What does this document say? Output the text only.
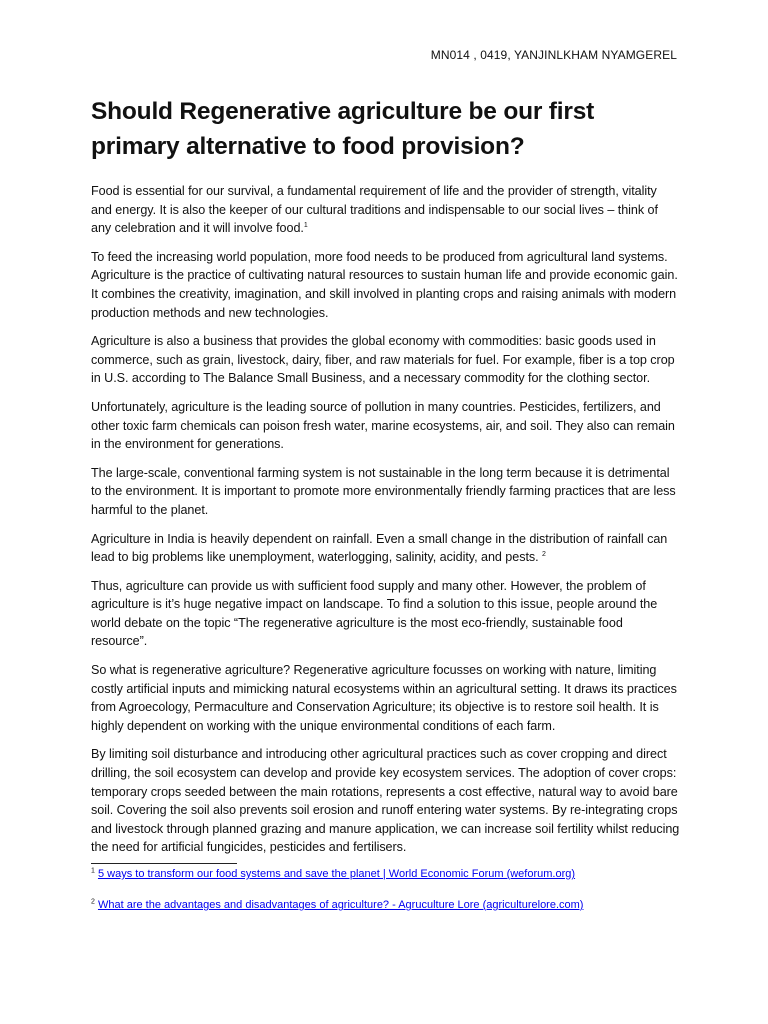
MN014 , 0419, YANJINLKHAM NYAMGEREL
Should Regenerative agriculture be our first primary alternative to food provision?

Food is essential for our survival, a fundamental requirement of life and the provider of strength, vitality and energy. It is also the keeper of our cultural traditions and indispensable to our social lives – think of any celebration and it will involve food.$^1$

To feed the increasing world population, more food needs to be produced from agricultural land systems. Agriculture is the practice of cultivating natural resources to sustain human life and provide economic gain. It combines the creativity, imagination, and skill involved in planting crops and raising animals with modern production methods and new technologies.

Agriculture is also a business that provides the global economy with commodities: basic goods used in commerce, such as grain, livestock, dairy, fiber, and raw materials for fuel. For example, fiber is a top crop in U.S. according to The Balance Small Business, and a necessary commodity for the clothing sector.

Unfortunately, agriculture is the leading source of pollution in many countries. Pesticides, fertilizers, and other toxic farm chemicals can poison fresh water, marine ecosystems, air, and soil. They also can remain in the environment for generations.

The large-scale, conventional farming system is not sustainable in the long term because it is detrimental to the environment. It is important to promote more environmentally friendly farming practices that are less harmful to the planet.

Agriculture in India is heavily dependent on rainfall. Even a small change in the distribution of rainfall can lead to big problems like unemployment, waterlogging, salinity, acidity, and pests. $^2$

Thus, agriculture can provide us with sufficient food supply and many other. However, the problem of agriculture is it’s huge negative impact on landscape. To find a solution to this issue, people around the world debate on the topic “The regenerative agriculture is the most eco-friendly, sustainable food resource”.

So what is regenerative agriculture? Regenerative agriculture focusses on working with nature, limiting costly artificial inputs and mimicking natural ecosystems within an agricultural setting. It draws its practices from Agroecology, Permaculture and Conservation Agriculture; its objective is to restore soil health. It is highly dependent on working with the unique environmental conditions of each farm.

By limiting soil disturbance and introducing other agricultural practices such as cover cropping and direct drilling, the soil ecosystem can develop and provide key ecosystem services. The adoption of cover crops: temporary crops seeded between the main rotations, represents a cost effective, natural way to avoid bare soil. Covering the soil also prevents soil erosion and runoff entering water systems. By re-integrating crops and livestock through planned grazing and manure application, we can increase soil fertility whilst reducing the need for artificial fungicides, pesticides and fertilisers.

$^1$ 5 ways to transform our food systems and save the planet | World Economic Forum (weforum.org)

$^2$ What are the advantages and disadvantages of agriculture? - Agruculture Lore (agriculturelore.com)
